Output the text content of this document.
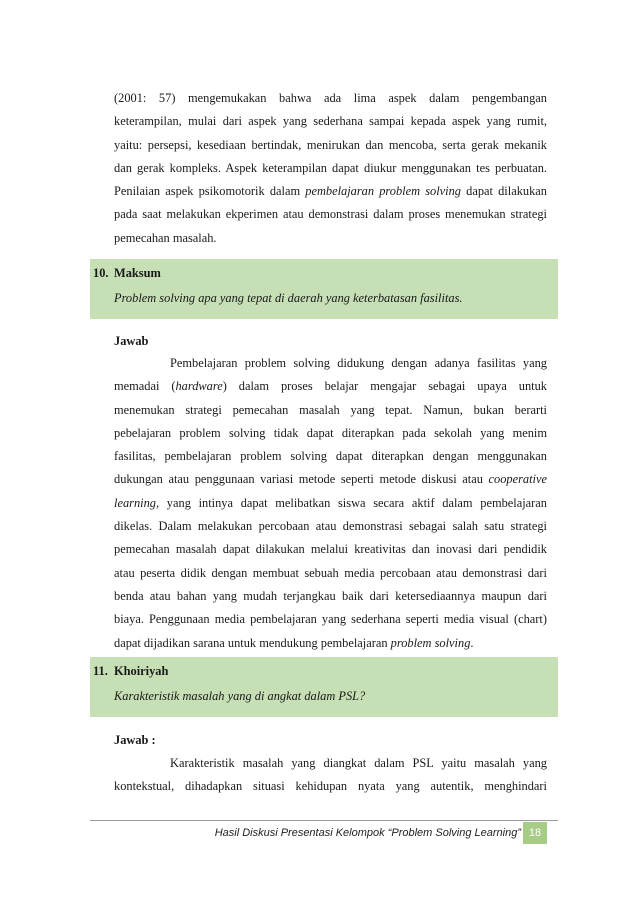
(2001: 57) mengemukakan bahwa ada lima aspek dalam pengembangan
keterampilan, mulai dari aspek yang sederhana sampai kepada aspek yang rumit,
yaitu: persepsi, kesediaan bertindak, menirukan dan mencoba, serta gerak mekanik
dan gerak kompleks. Aspek keterampilan dapat diukur menggunakan tes perbuatan.
Penilaian aspek psikomotorik dalam pembelajaran problem solving dapat dilakukan
pada saat melakukan ekperimen atau demonstrasi dalam proses menemukan strategi
pemecahan masalah.

10. Maksum
Problem solving apa yang tepat di daerah yang keterbatasan fasilitas.
Jawab

Pembelajaran problem solving didukung dengan adanya fasilitas yang
memadai (hardware) dalam proses belajar mengajar sebagai upaya untuk
menemukan strategi pemecahan masalah yang tepat. Namun, bukan berarti
pebelajaran problem solving tidak dapat diterapkan pada sekolah yang menim
fasilitas, pembelajaran problem solving dapat diterapkan dengan menggunakan
dukungan atau penggunaan variasi metode seperti metode diskusi atau cooperative
learning, yang intinya dapat melibatkan siswa secara aktif dalam pembelajaran
dikelas. Dalam melakukan percobaan atau demonstrasi sebagai salah satu strategi
pemecahan masalah dapat dilakukan melalui kreativitas dan inovasi dari pendidik
atau peserta didik dengan membuat sebuah media percobaan atau demonstrasi dari
benda atau bahan yang mudah terjangkau baik dari ketersediaannya maupun dari
biaya. Penggunaan media pembelajaran yang sederhana seperti media visual (chart)
dapat dijadikan sarana untuk mendukung pembelajaran problem solving.

11. Khoiriyah
Karakteristik masalah yang di angkat dalam PSL?
Jawab :

Karakteristik masalah yang diangkat dalam PSL yaitu masalah yang
kontekstual, dihadapkan situasi kehidupan nyata yang autentik, menghindari

Hasil Diskusi Presentasi Kelompok “Problem Solving Learning” 18
